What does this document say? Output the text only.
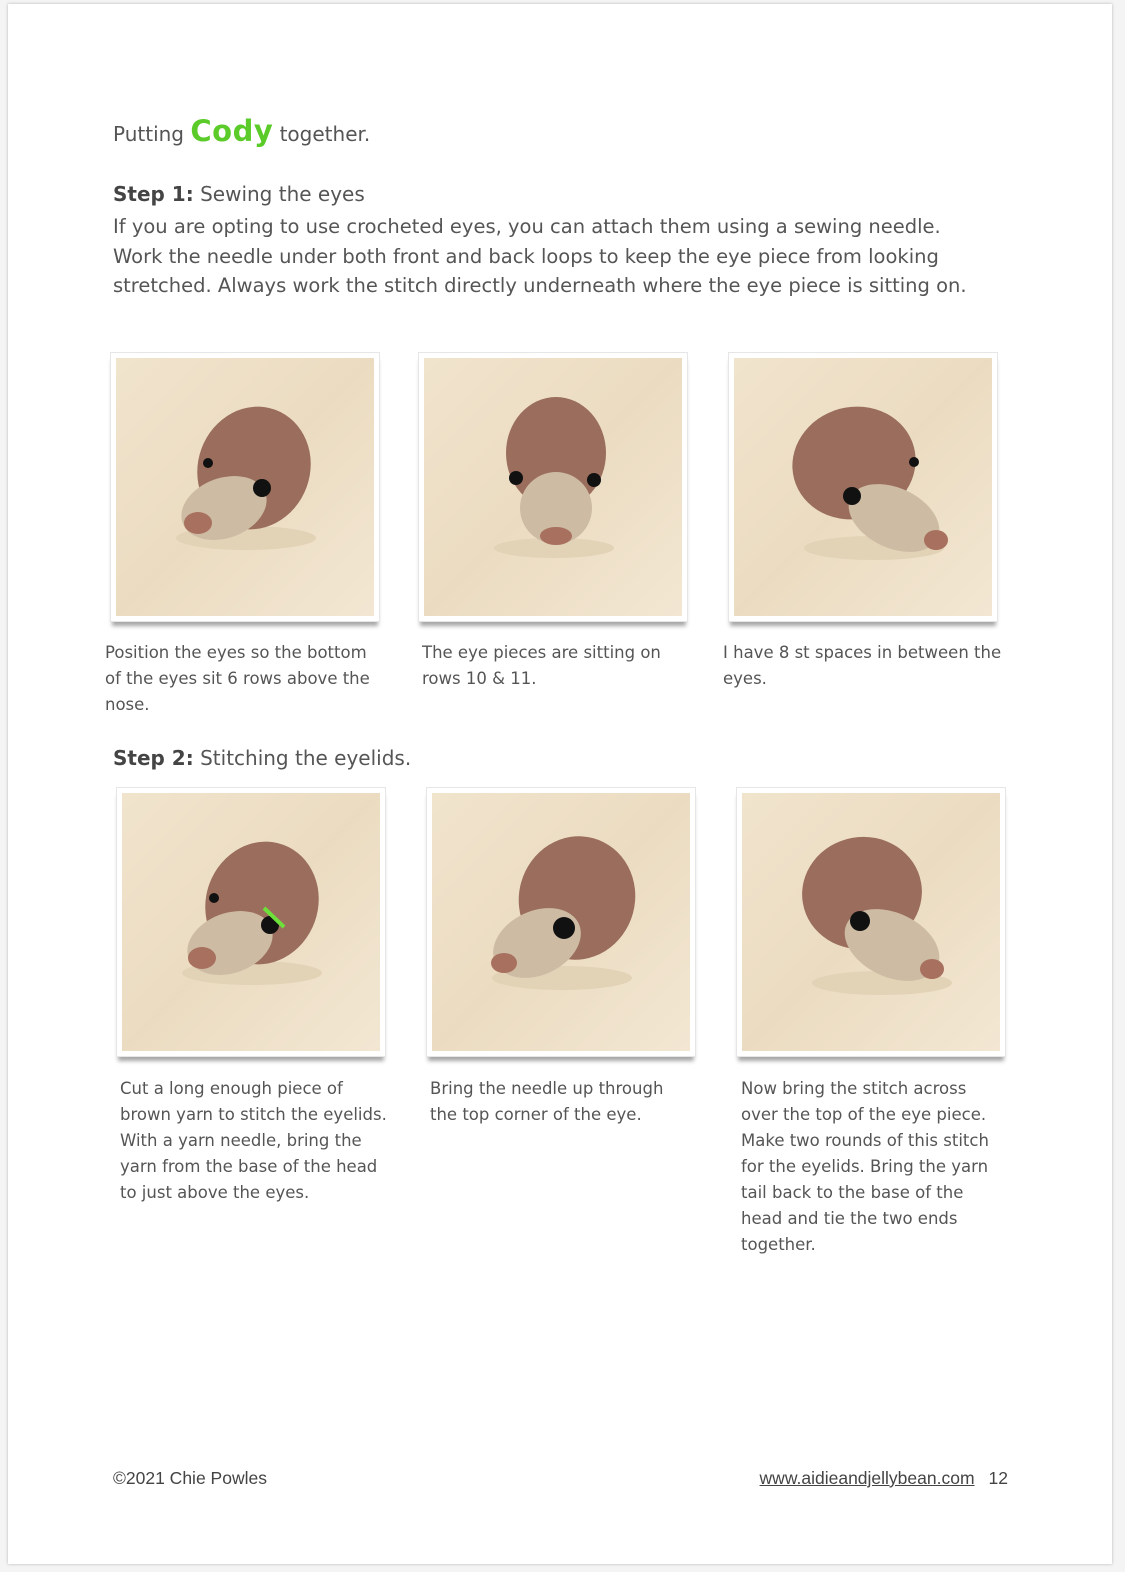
Putting Cody together.
Step 1: Sewing the eyes
If you are opting to use crocheted eyes, you can attach them using a sewing needle. Work the needle under both front and back loops to keep the eye piece from looking stretched. Always work the stitch directly underneath where the eye piece is sitting on.
Position the eyes so the bottom of the eyes sit 6 rows above the nose.
The eye pieces are sitting on rows 10 & 11.
I have 8 st spaces in between the eyes.
Step 2: Stitching the eyelids.
Cut a long enough piece of brown yarn to stitch the eyelids. With a yarn needle, bring the yarn from the base of the head to just above the eyes.
Bring the needle up through the top corner of the eye.
Now bring the stitch across over the top of the eye piece. Make two rounds of this stitch for the eyelids. Bring the yarn tail back to the base of the head and tie the two ends together.
©2021 Chie Powles	www.aidieandjellybean.com 12
